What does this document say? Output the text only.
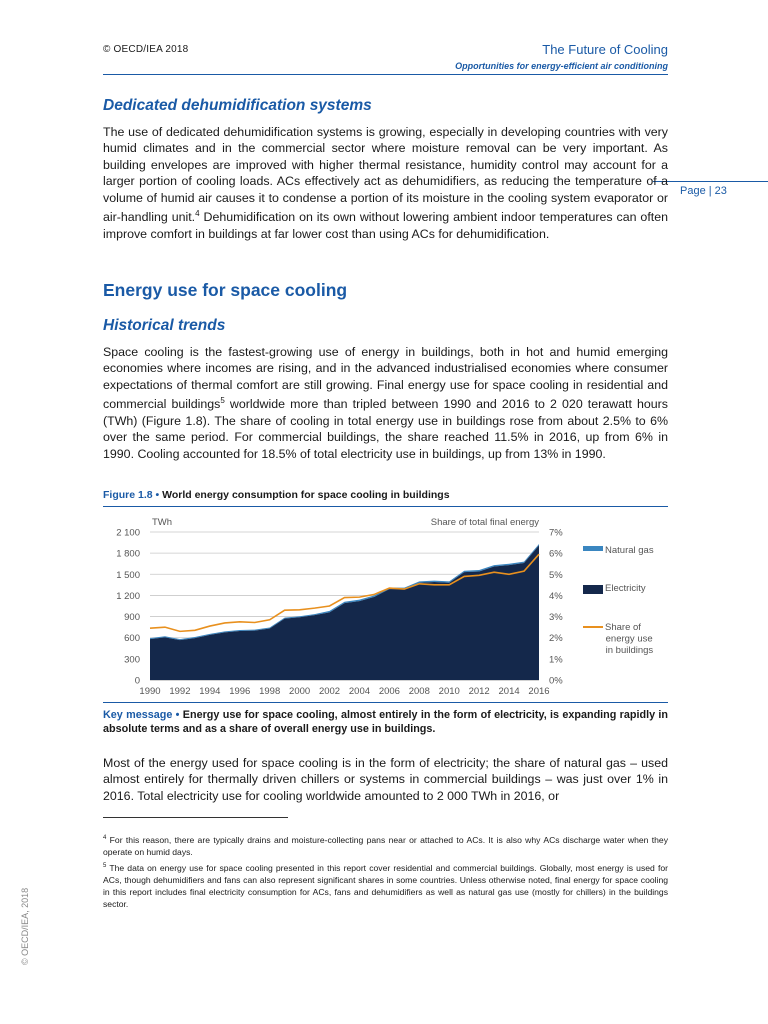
© OECD/IEA 2018	The Future of Cooling
Opportunities for energy-efficient air conditioning
Page | 23
Dedicated dehumidification systems
The use of dedicated dehumidification systems is growing, especially in developing countries with very humid climates and in the commercial sector where moisture removal can be very important. As building envelopes are improved with higher thermal resistance, humidity control may account for a larger portion of cooling loads. ACs effectively act as dehumidifiers, as reducing the temperature of a volume of humid air causes it to condense a portion of its moisture in the cooling system evaporator or air-handling unit.$^4$ Dehumidification on its own without lowering ambient indoor temperatures can often improve comfort in buildings at far lower cost than using ACs for dehumidification.
Energy use for space cooling
Historical trends
Space cooling is the fastest-growing use of energy in buildings, both in hot and humid emerging economies where incomes are rising, and in the advanced industrialised economies where consumer expectations of thermal comfort are still growing. Final energy use for space cooling in residential and commercial buildings$^5$ worldwide more than tripled between 1990 and 2016 to 2 020 terawatt hours (TWh) (Figure 1.8). The share of cooling in total energy use in buildings rose from about 2.5% to 6% over the same period. For commercial buildings, the share reached 11.5% in 2016, up from 6% in 1990. Cooling accounted for 18.5% of total electricity use in buildings, up from 13% in 1990.
Figure 1.8 • World energy consumption for space cooling in buildings
0
300
600
900
1 200
1 500
1 800
2 100
0%
1%
2%
3%
4%
5%
6%
7%
1990 1992 1994 1996 1998 2000 2002 2004 2006 2008 2010 2012 2014 2016
TWh	Share of total final energy
Natural gas
Electricity
Share of energy use in buildings
Key message • Energy use for space cooling, almost entirely in the form of electricity, is expanding rapidly in absolute terms and as a share of overall energy use in buildings.
Most of the energy used for space cooling is in the form of electricity; the share of natural gas – used almost entirely for thermally driven chillers or systems in commercial buildings – was just over 1% in 2016. Total electricity use for cooling worldwide amounted to 2 000 TWh in 2016, or
$^4$ For this reason, there are typically drains and moisture-collecting pans near or attached to ACs. It is also why ACs discharge water when they operate on humid days.
$^5$ The data on energy use for space cooling presented in this report cover residential and commercial buildings. Globally, most energy is used for ACs, though dehumidifiers and fans can also represent significant shares in some countries. Unless otherwise noted, final energy for space cooling in this report includes final electricity consumption for ACs, fans and dehumidifiers as well as natural gas use (mostly for chillers) in the buildings sector.
© OECD/IEA, 2018
